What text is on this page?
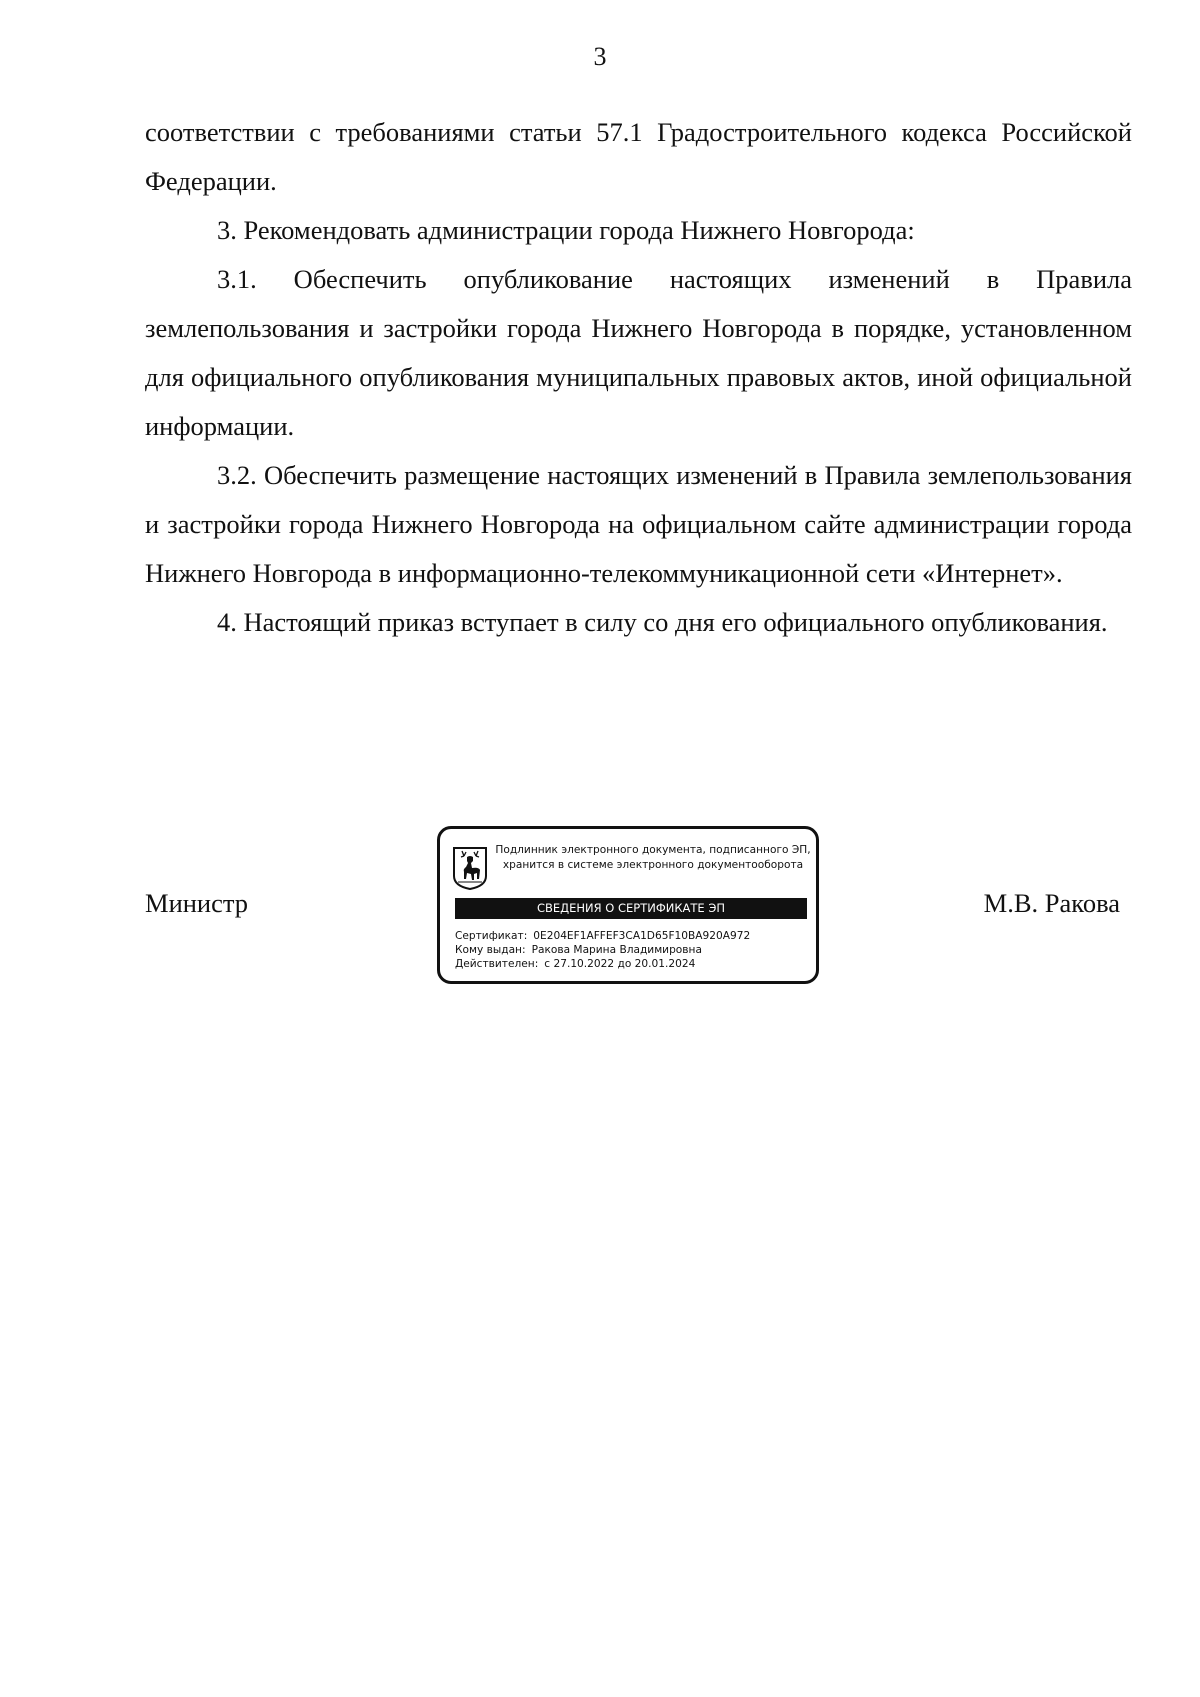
3

соответствии с требованиями статьи 57.1 Градостроительного кодекса Российской Федерации.

3. Рекомендовать администрации города Нижнего Новгорода:

3.1. Обеспечить опубликование настоящих изменений в Правила землепользования и застройки города Нижнего Новгорода в порядке, установленном для официального опубликования муниципальных правовых актов, иной официальной информации.

3.2. Обеспечить размещение настоящих изменений в Правила землепользования и застройки города Нижнего Новгорода на официальном сайте администрации города Нижнего Новгорода в информационно-телекоммуникационной сети «Интернет».

4. Настоящий приказ вступает в силу со дня его официального опубликования.

Министр	М.В. Ракова
Подлинник электронного документа, подписанного ЭП,
хранится в системе электронного документооборота
СВЕДЕНИЯ О СЕРТИФИКАТЕ ЭП
Сертификат: 0E204EF1AFFEF3CA1D65F10BA920A972
Кому выдан: Ракова Марина Владимировна
Действителен: с 27.10.2022 до 20.01.2024
